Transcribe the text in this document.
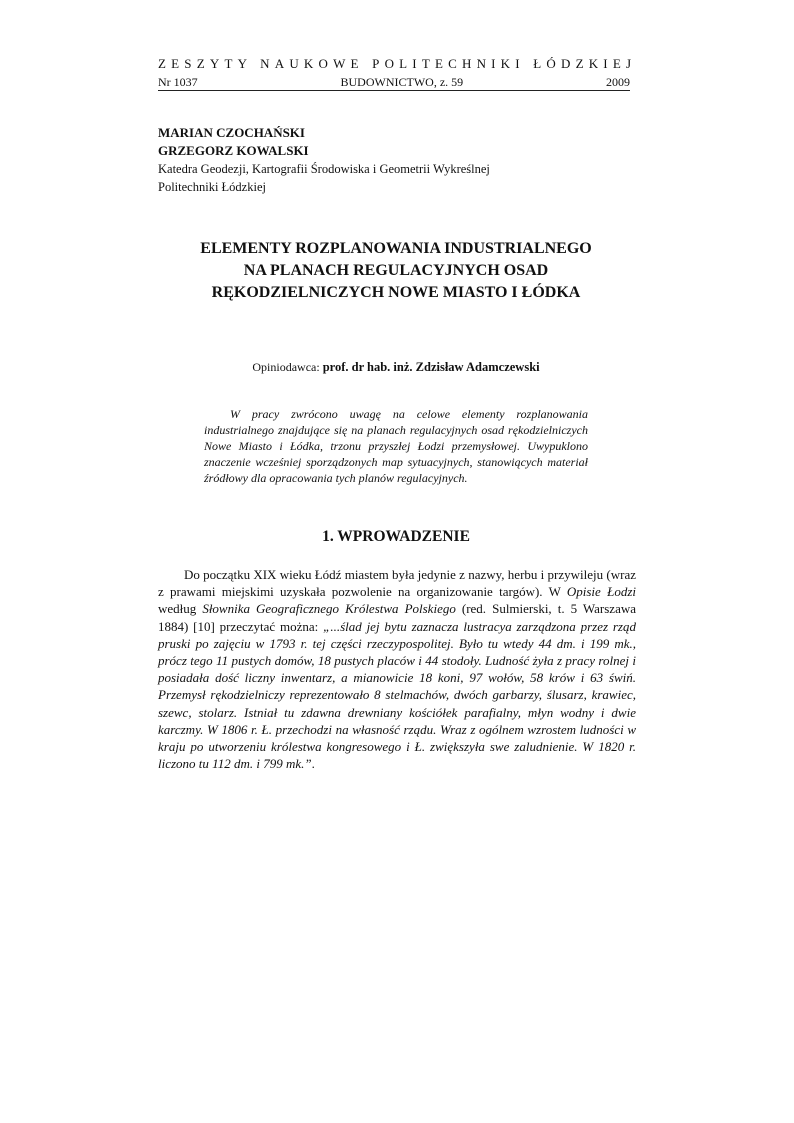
ZESZYTY NAUKOWE POLITECHNIKI ŁÓDZKIEJ
Nr 1037	BUDOWNICTWO, z. 59	2009
MARIAN CZOCHAŃSKI
GRZEGORZ KOWALSKI
Katedra Geodezji, Kartografii Środowiska i Geometrii Wykreślnej
Politechniki Łódzkiej
ELEMENTY ROZPLANOWANIA INDUSTRIALNEGO
NA PLANACH REGULACYJNYCH OSAD
RĘKODZIELNICZYCH NOWE MIASTO I ŁÓDKA
Opiniodawca: prof. dr hab. inż. Zdzisław Adamczewski

W pracy zwrócono uwagę na celowe elementy rozplanowania industrialnego znajdujące się na planach regulacyjnych osad rękodzielniczych Nowe Miasto i Łódka, trzonu przyszłej Łodzi przemysłowej. Uwypuklono znaczenie wcześniej sporządzonych map sytuacyjnych, stanowiących materiał źródłowy dla opracowania tych planów regulacyjnych.

1. WPROWADZENIE

Do początku XIX wieku Łódź miastem była jedynie z nazwy, herbu i przywileju (wraz z prawami miejskimi uzyskała pozwolenie na organizowanie targów). W Opisie Łodzi według Słownika Geograficznego Królestwa Polskiego (red. Sulmierski, t. 5 Warszawa 1884) [10] przeczytać można: „...ślad jej bytu zaznacza lustracya zarządzona przez rząd pruski po zajęciu w 1793 r. tej części rzeczypospolitej. Było tu wtedy 44 dm. i 199 mk., prócz tego 11 pustych domów, 18 pustych placów i 44 stodoły. Ludność żyła z pracy rolnej i posiadała dość liczny inwentarz, a mianowicie 18 koni, 97 wołów, 58 krów i 63 świń. Przemysł rękodzielniczy reprezentowało 8 stelmachów, dwóch garbarzy, ślusarz, krawiec, szewc, stolarz. Istniał tu zdawna drewniany kościółek parafialny, młyn wodny i dwie karczmy. W 1806 r. Ł. przechodzi na własność rządu. Wraz z ogólnem wzrostem ludności w kraju po utworzeniu królestwa kongresowego i Ł. zwiększyła swe zaludnienie. W 1820 r. liczono tu 112 dm. i 799 mk.”.
